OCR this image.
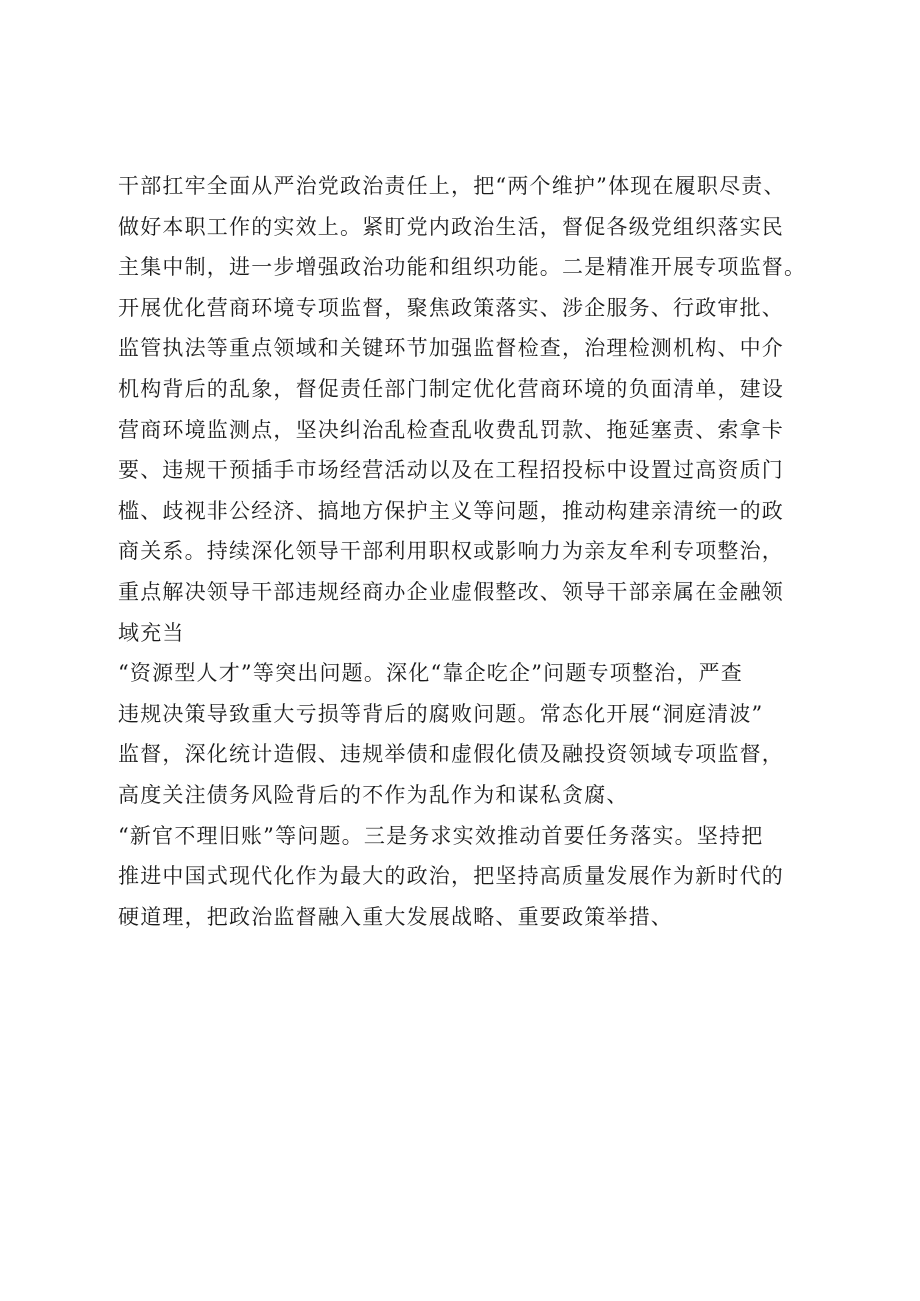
干部扛牢全面从严治党政治责任上，把“两个维护”体现在履职尽责、
做好本职工作的实效上。紧盯党内政治生活，督促各级党组织落实民
主集中制，进一步增强政治功能和组织功能。二是精准开展专项监督。
开展优化营商环境专项监督，聚焦政策落实、涉企服务、行政审批、
监管执法等重点领域和关键环节加强监督检查，治理检测机构、中介
机构背后的乱象，督促责任部门制定优化营商环境的负面清单，建设
营商环境监测点，坚决纠治乱检查乱收费乱罚款、拖延塞责、索拿卡
要、违规干预插手市场经营活动以及在工程招投标中设置过高资质门
槛、歧视非公经济、搞地方保护主义等问题，推动构建亲清统一的政
商关系。持续深化领导干部利用职权或影响力为亲友牟利专项整治，
重点解决领导干部违规经商办企业虚假整改、领导干部亲属在金融领
域充当
“资源型人才”等突出问题。深化“靠企吃企”问题专项整治，严查
违规决策导致重大亏损等背后的腐败问题。常态化开展“洞庭清波”
监督，深化统计造假、违规举债和虚假化债及融投资领域专项监督，
高度关注债务风险背后的不作为乱作为和谋私贪腐、
“新官不理旧账”等问题。三是务求实效推动首要任务落实。坚持把
推进中国式现代化作为最大的政治，把坚持高质量发展作为新时代的
硬道理，把政治监督融入重大发展战略、重要政策举措、
